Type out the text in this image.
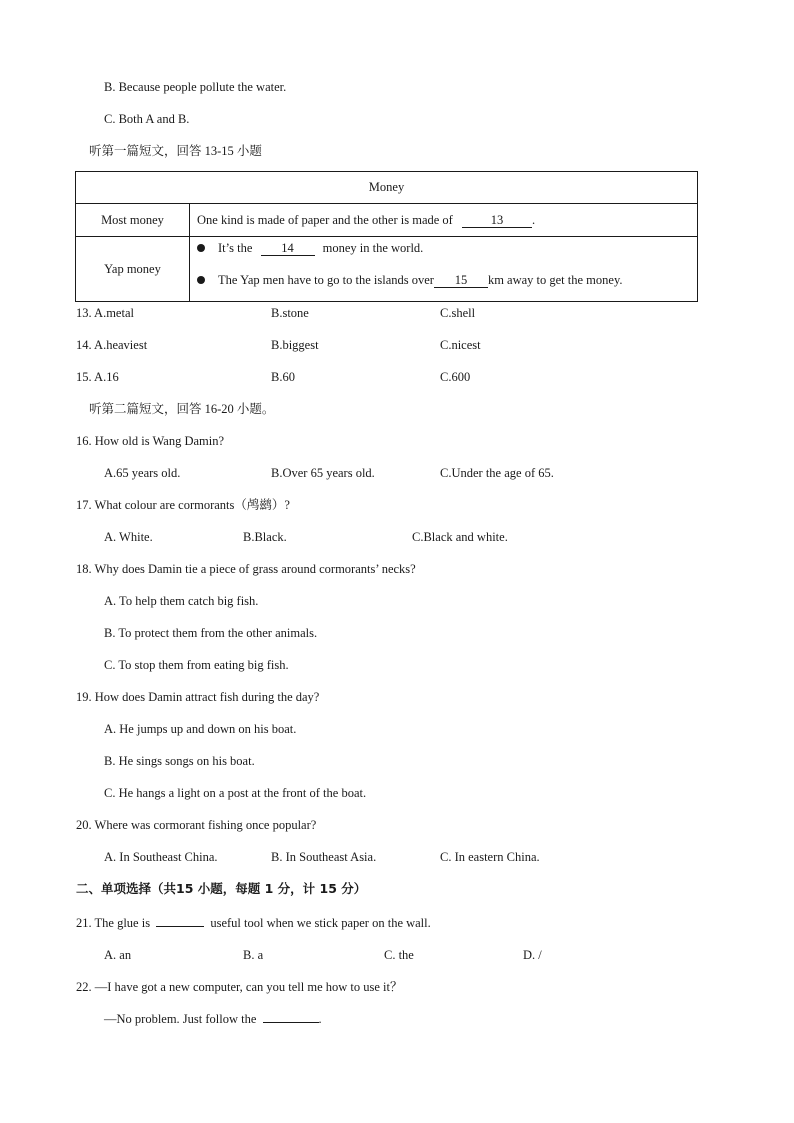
B. Because people pollute the water.
C. Both A and B.
听第一篇短文，回答 13-15 小题
Money	
Most money	One kind is made of paper and the other is made of 13 .
Yap money	It’s the 14 money in the world.
The Yap men have to go to the islands over 15 km away to get the money.
13. A.metal	B.stone	C.shell
14. A.heaviest	B.biggest	C.nicest
15. A.16	B.60	C.600
听第二篇短文，回答 16-20 小题。
16. How old is Wang Damin?
A.65 years old.	B.Over 65 years old.	C.Under the age of 65.
17. What colour are cormorants（鸬鹚）?
A. White.	B.Black.	C.Black and white.
18. Why does Damin tie a piece of grass around cormorants’ necks?
A. To help them catch big fish.
B. To protect them from the other animals.
C. To stop them from eating big fish.
19. How does Damin attract fish during the day?
A. He jumps up and down on his boat.
B. He sings songs on his boat.
C. He hangs a light on a post at the front of the boat.
20. Where was cormorant fishing once popular?
A. In Southeast China.	B. In Southeast Asia.	C. In eastern China.
二、单项选择（共15 小题，每题 1 分，计 15 分）
21. The glue is	useful tool when we stick paper on the wall.
A. an	B. a	C. the	D. /
22. —I have got a new computer, can you tell me how to use it？
—No problem. Just follow the	.
